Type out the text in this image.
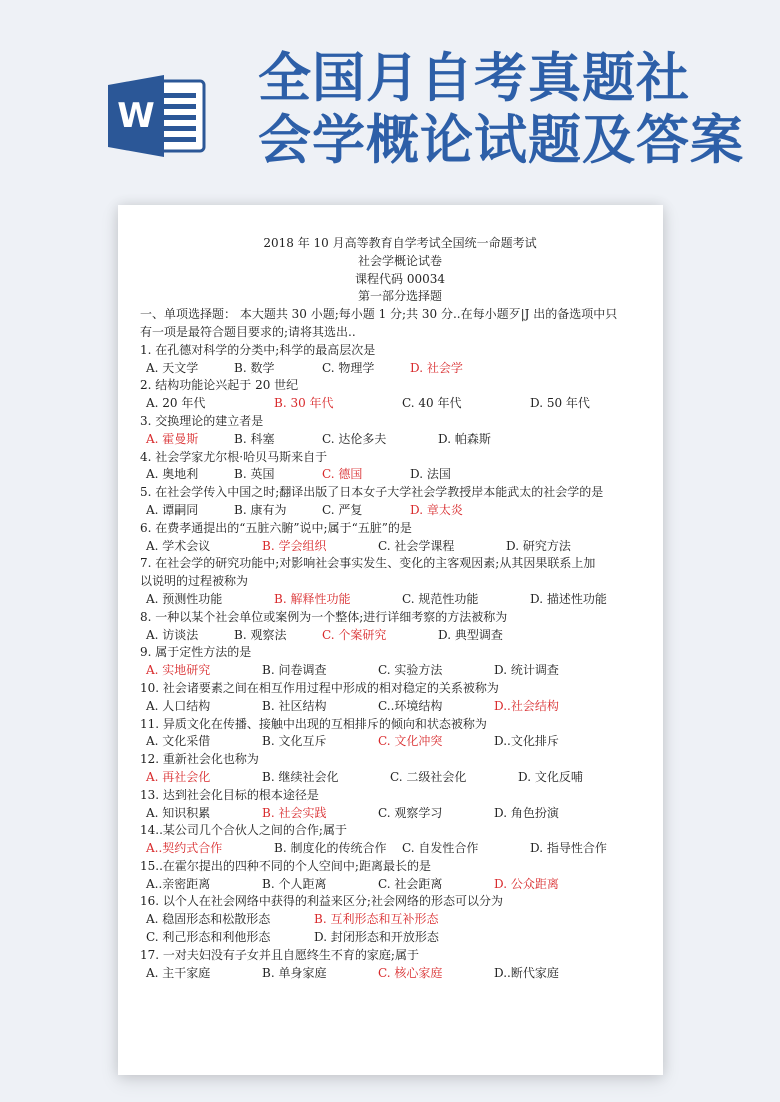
W
全国月自考真题社
会学概论试题及答案
2018 年 10 月高等教育自学考试全国统一命题考试
社会学概论试卷
课程代码 00034
第一部分选择题
一、单项选择题： 本大题共 30 小题;每小题 1 分;共 30 分..在每小题歹|J 出的备选项中只
有一项是最符合题目要求的;请将其选出..
1. 在孔德对科学的分类中;科学的最高层次是
A. 天文学	B. 数学	C. 物理学	D. 社会学
2. 结构功能论兴起于 20 世纪
A. 20 年代	B. 30 年代	C. 40 年代	D. 50 年代
3. 交换理论的建立者是
A. 霍曼斯	B. 科塞	C. 达伦多夫	D. 帕森斯
4. 社会学家尤尔根·哈贝马斯来自于
A. 奥地利	B. 英国	C. 德国	D. 法国
5. 在社会学传入中国之时;翻译出版了日本女子大学社会学教授岸本能武太的社会学的是
A. 谭嗣同	B. 康有为	C. 严复	D. 章太炎
6. 在费孝通提出的“五脏六腑”说中;属于“五脏”的是
A. 学术会议	B. 学会组织	C. 社会学课程	D. 研究方法
7. 在社会学的研究功能中;对影响社会事实发生、变化的主客观因素;从其因果联系上加
以说明的过程被称为
A. 预测性功能	B. 解释性功能	C. 规范性功能	D. 描述性功能
8. 一种以某个社会单位或案例为一个整体;进行详细考察的方法被称为
A. 访谈法	B. 观察法	C. 个案研究	D. 典型调查
9. 属于定性方法的是
A. 实地研究	B. 问卷调查	C. 实验方法	D. 统计调查
10. 社会诸要素之间在相互作用过程中形成的相对稳定的关系被称为
A. 人口结构	B. 社区结构	C..环境结构	D..社会结构
11. 异质文化在传播、接触中出现的互相排斥的倾向和状态被称为
A. 文化采借	B. 文化互斥	C. 文化冲突	D..文化排斥
12. 重新社会化也称为
A. 再社会化	B. 继续社会化	C. 二级社会化	D. 文化反哺
13. 达到社会化目标的根本途径是
A. 知识积累	B. 社会实践	C. 观察学习	D. 角色扮演
14..某公司几个合伙人之间的合作;属于
A..契约式合作	B. 制度化的传统合作 C. 自发性合作	D. 指导性合作
15..在霍尔提出的四种不同的个人空间中;距离最长的是
A..亲密距离	B. 个人距离	C. 社会距离	D. 公众距离
16. 以个人在社会网络中获得的利益来区分;社会网络的形态可以分为
A. 稳固形态和松散形态	B. 互利形态和互补形态
C. 利己形态和利他形态	D. 封闭形态和开放形态
17. 一对夫妇没有子女并且自愿终生不育的家庭;属于
A. 主干家庭	B. 单身家庭	C. 核心家庭	D..断代家庭
